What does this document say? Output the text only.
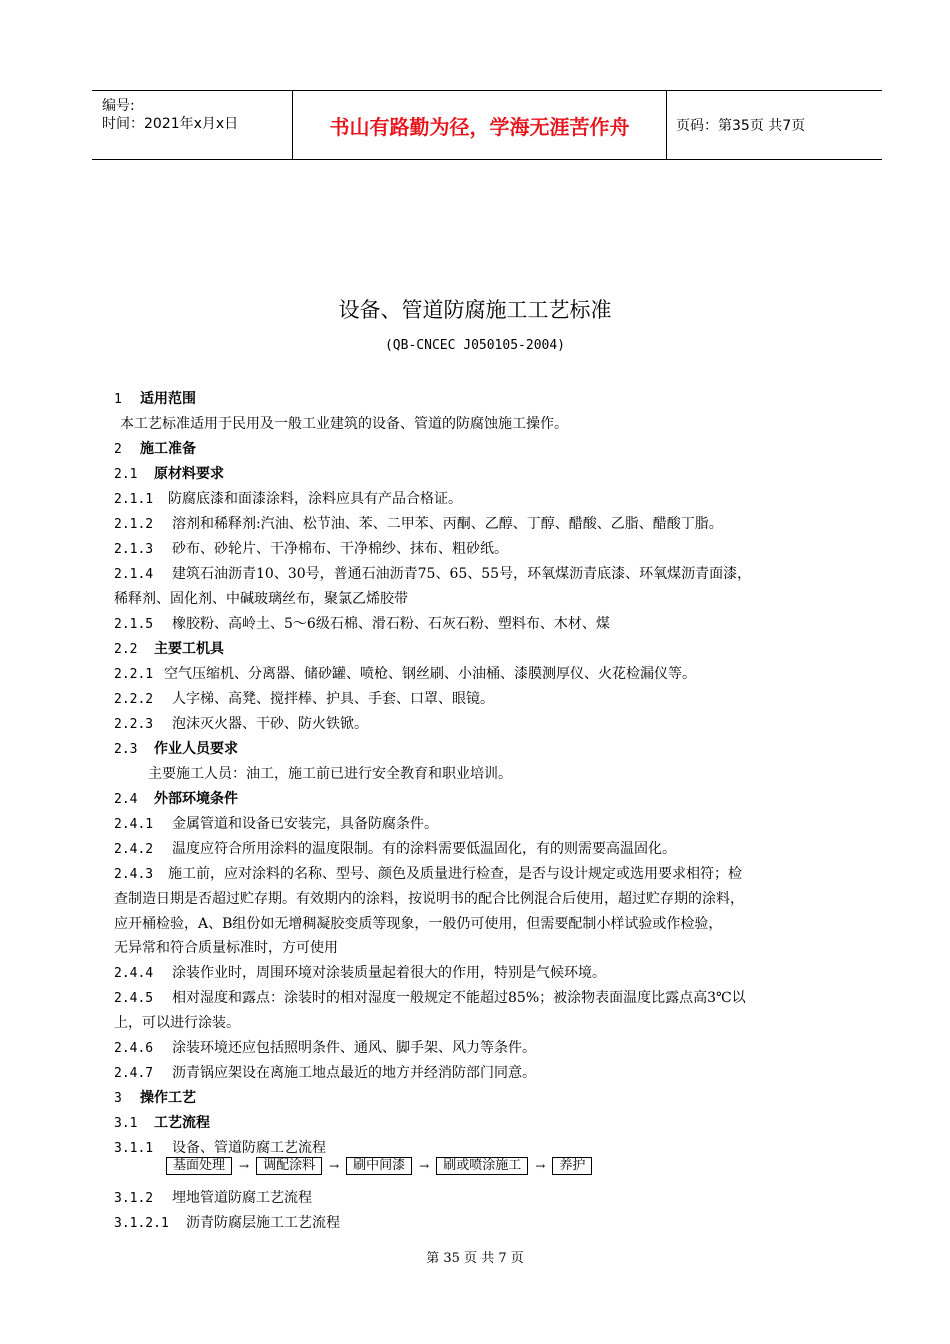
编号:
时间：2021年x月x日	书山有路勤为径，学海无涯苦作舟	页码：第35页 共7页
设备、管道防腐施工工艺标准
(QB-CNCEC J050105-2004)
1 适用范围
本工艺标准适用于民用及一般工业建筑的设备、管道的防腐蚀施工操作。
2 施工准备
2.1 原材料要求
2.1.1 防腐底漆和面漆涂料，涂料应具有产品合格证。
2.1.2 溶剂和稀释剂:汽油、松节油、苯、二甲苯、丙酮、乙醇、丁醇、醋酸、乙脂、醋酸丁脂。
2.1.3 砂布、砂轮片、干净棉布、干净棉纱、抹布、粗砂纸。
2.1.4 建筑石油沥青10、30号，普通石油沥青75、65、55号，环氧煤沥青底漆、环氧煤沥青面漆，
稀释剂、固化剂、中碱玻璃丝布，聚氯乙烯胶带
2.1.5 橡胶粉、高岭土、5～6级石棉、滑石粉、石灰石粉、塑料布、木材、煤
2.2 主要工机具
2.2.1 空气压缩机、分离器、储砂罐、喷枪、钢丝刷、小油桶、漆膜测厚仪、火花检漏仪等。
2.2.2 人字梯、高凳、搅拌棒、护具、手套、口罩、眼镜。
2.2.3 泡沫灭火器、干砂、防火铁锨。
2.3 作业人员要求
主要施工人员：油工，施工前已进行安全教育和职业培训。
2.4 外部环境条件
2.4.1 金属管道和设备已安装完，具备防腐条件。
2.4.2 温度应符合所用涂料的温度限制。有的涂料需要低温固化，有的则需要高温固化。
2.4.3 施工前，应对涂料的名称、型号、颜色及质量进行检查，是否与设计规定或选用要求相符；检
查制造日期是否超过贮存期。有效期内的涂料，按说明书的配合比例混合后使用，超过贮存期的涂料，
应开桶检验，A、B组份如无增稠凝胶变质等现象，一般仍可使用，但需要配制小样试验或作检验，
无异常和符合质量标准时，方可使用
2.4.4 涂装作业时，周围环境对涂装质量起着很大的作用，特别是气候环境。
2.4.5 相对湿度和露点：涂装时的相对湿度一般规定不能超过85%；被涂物表面温度比露点高3℃以
上，可以进行涂装。
2.4.6 涂装环境还应包括照明条件、通风、脚手架、风力等条件。
2.4.7 沥青锅应架设在离施工地点最近的地方并经消防部门同意。
3 操作工艺
3.1 工艺流程
3.1.1 设备、管道防腐工艺流程
3.1.2 埋地管道防腐工艺流程
3.1.2.1 沥青防腐层施工工艺流程
基面处理	→	调配涂料	→	刷中间漆	→	刷或喷涂施工	→	养护
第 35 页 共 7 页
